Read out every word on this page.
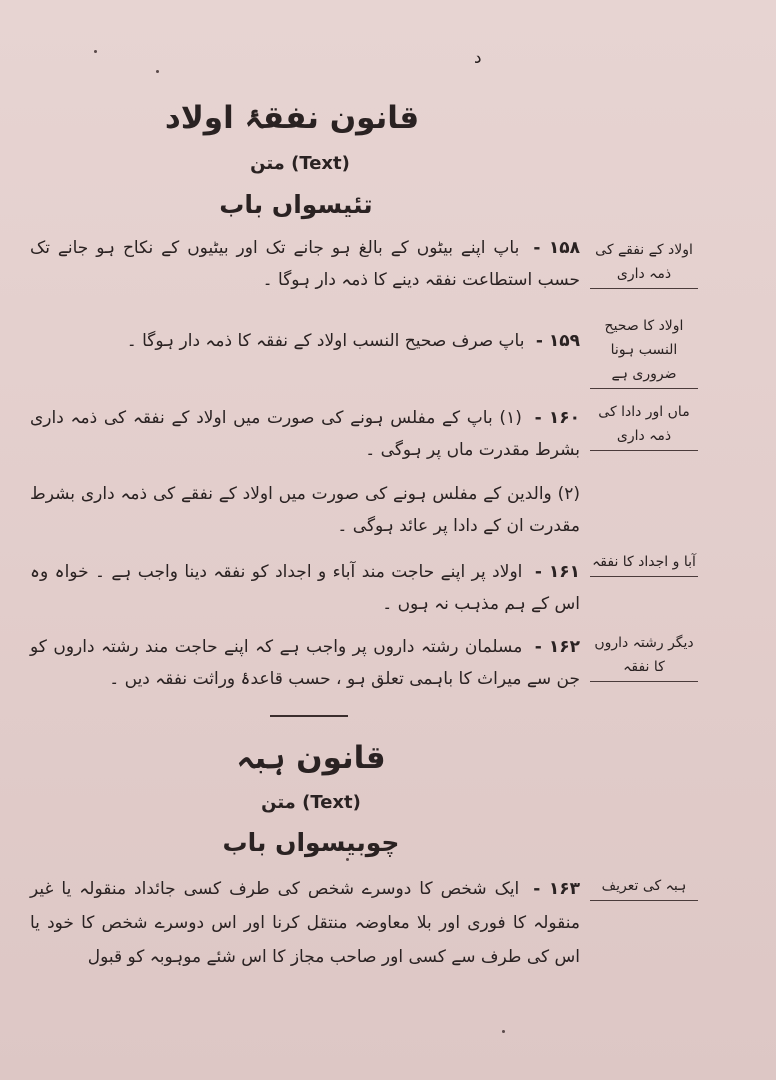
د
قانون نفقۂ اولاد
متن (Text)
تئیسواں باب
۱۵۸ - باپ اپنے بیٹوں کے بالغ ہو جانے تک اور بیٹیوں کے نکاح ہو جانے تک حسب استطاعت نفقہ دینے کا ذمہ دار ہوگا ۔
۱۵۹ - باپ صرف صحیح النسب اولاد کے نفقہ کا ذمہ دار ہوگا ۔
۱۶۰ - (۱) باپ کے مفلس ہونے کی صورت میں اولاد کے نفقہ کی ذمہ داری بشرط مقدرت ماں پر ہوگی ۔
(۲) والدین کے مفلس ہونے کی صورت میں اولاد کے نفقے کی ذمہ داری بشرط مقدرت ان کے دادا پر عائد ہوگی ۔
۱۶۱ - اولاد پر اپنے حاجت مند آباء و اجداد کو نفقہ دینا واجب ہے ۔ خواہ وہ اس کے ہم مذہب نہ ہوں ۔
۱۶۲ - مسلمان رشتہ داروں پر واجب ہے کہ اپنے حاجت مند رشتہ داروں کو جن سے میراث کا باہمی تعلق ہو ، حسب قاعدۂ وراثت نفقہ دیں ۔
اولاد کے نفقے کی ذمہ داری
اولاد کا صحیح النسب ہونا ضروری ہے
ماں اور دادا کی ذمہ داری
آبا و اجداد کا نفقہ
دیگر رشتہ داروں کا نفقہ
قانون ہبہ
متن (Text)
چوبیسواں باب
۱۶۳ - ایک شخص کا دوسرے شخص کی طرف کسی جائداد منقولہ یا غیر منقولہ کا فوری اور بلا معاوضہ منتقل کرنا اور اس دوسرے شخص کا خود یا اس کی طرف سے کسی اور صاحب مجاز کا اس شئے موہوبہ کو قبول
ہبہ کی تعریف
